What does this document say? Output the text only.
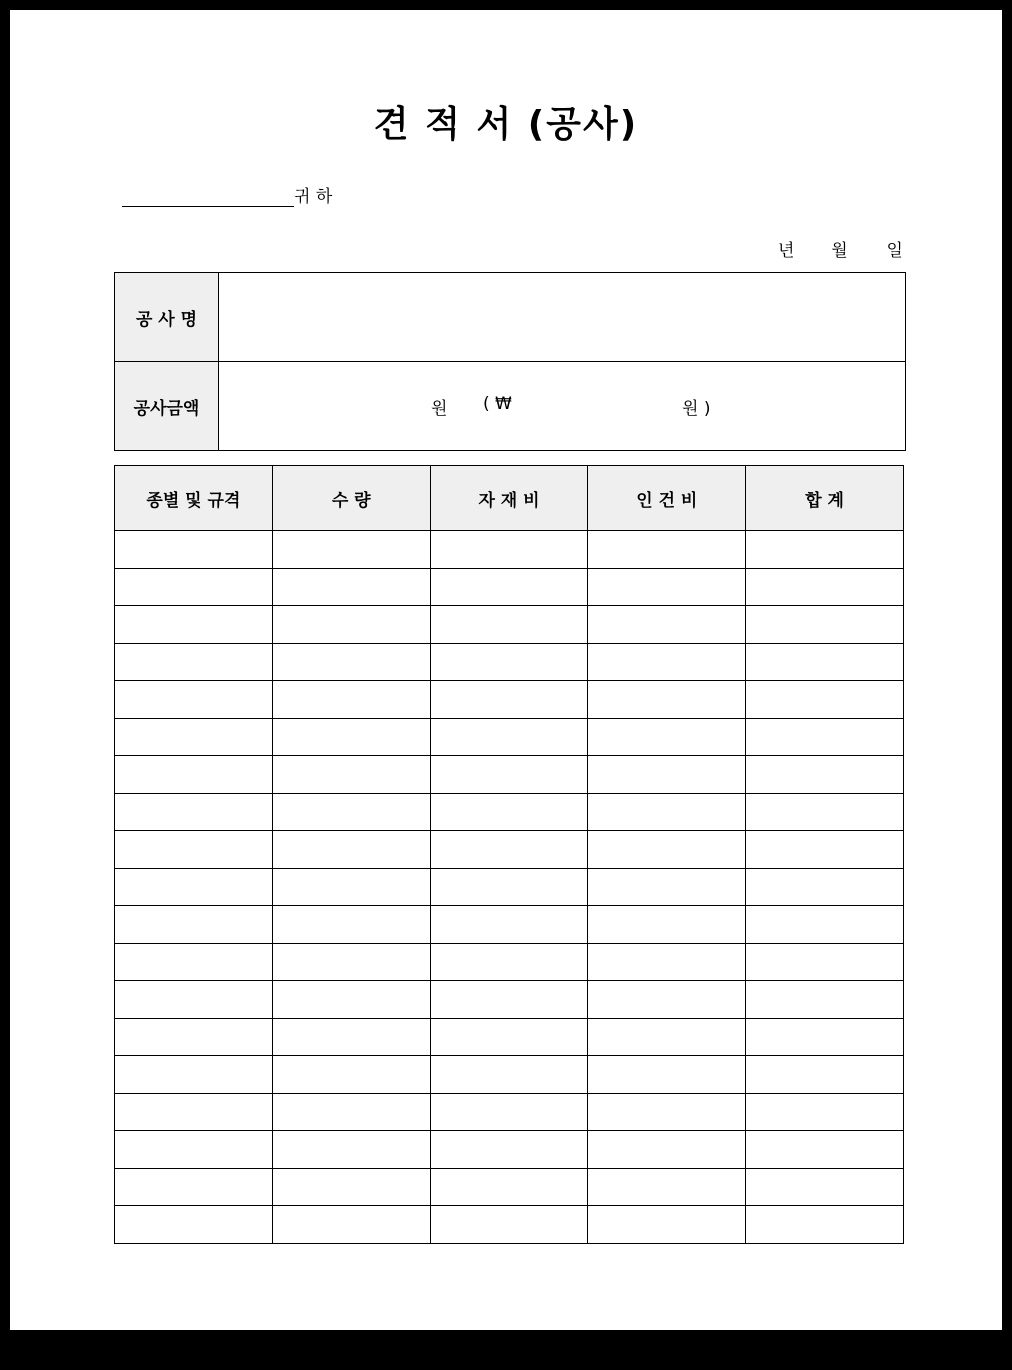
견 적 서 (공사)
귀 하
년 월 일
공 사 명	
공사금액	원 ( ₩ 원 )
종별 및 규격	수 량	자 재 비	인 건 비	합 계
